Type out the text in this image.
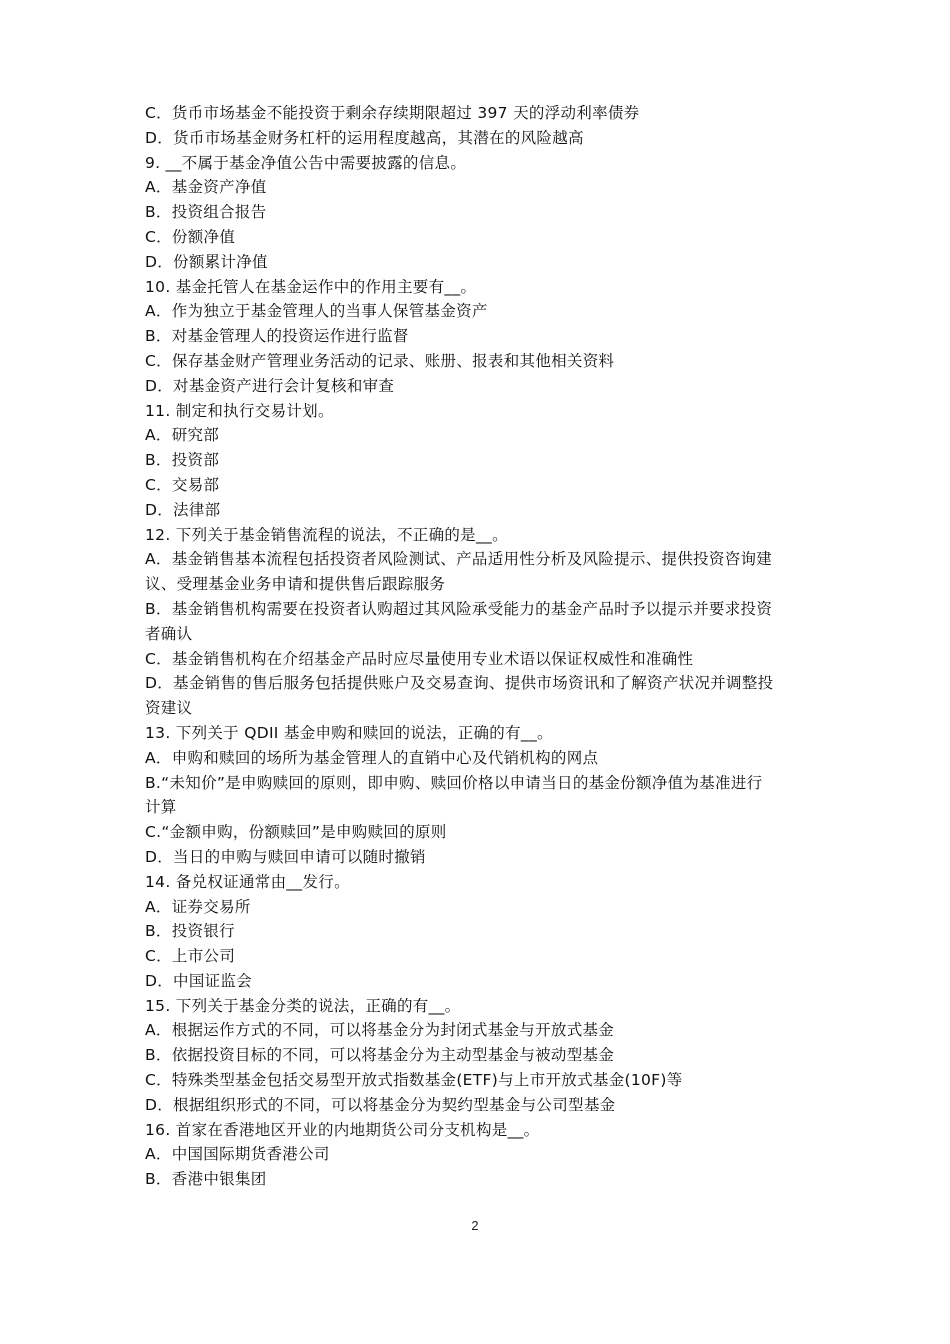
C．货币市场基金不能投资于剩余存续期限超过 397 天的浮动利率债券
D．货币市场基金财务杠杆的运用程度越高，其潜在的风险越高
9. __不属于基金净值公告中需要披露的信息。
A．基金资产净值
B．投资组合报告
C．份额净值
D．份额累计净值
10. 基金托管人在基金运作中的作用主要有__。
A．作为独立于基金管理人的当事人保管基金资产
B．对基金管理人的投资运作进行监督
C．保存基金财产管理业务活动的记录、账册、报表和其他相关资料
D．对基金资产进行会计复核和审查
11. 制定和执行交易计划。
A．研究部
B．投资部
C．交易部
D．法律部
12. 下列关于基金销售流程的说法，不正确的是__。
A．基金销售基本流程包括投资者风险测试、产品适用性分析及风险提示、提供投资咨询建
议、受理基金业务申请和提供售后跟踪服务
B．基金销售机构需要在投资者认购超过其风险承受能力的基金产品时予以提示并要求投资
者确认
C．基金销售机构在介绍基金产品时应尽量使用专业术语以保证权威性和准确性
D．基金销售的售后服务包括提供账户及交易查询、提供市场资讯和了解资产状况并调整投
资建议
13. 下列关于 QDII 基金申购和赎回的说法，正确的有__。
A．申购和赎回的场所为基金管理人的直销中心及代销机构的网点
B.“未知价”是申购赎回的原则，即申购、赎回价格以申请当日的基金份额净值为基准进行
计算
C.“金额申购，份额赎回”是申购赎回的原则
D．当日的申购与赎回申请可以随时撤销
14. 备兑权证通常由__发行。
A．证券交易所
B．投资银行
C．上市公司
D．中国证监会
15. 下列关于基金分类的说法，正确的有__。
A．根据运作方式的不同，可以将基金分为封闭式基金与开放式基金
B．依据投资目标的不同，可以将基金分为主动型基金与被动型基金
C．特殊类型基金包括交易型开放式指数基金(ETF)与上市开放式基金(10F)等
D．根据组织形式的不同，可以将基金分为契约型基金与公司型基金
16. 首家在香港地区开业的内地期货公司分支机构是__。
A．中国国际期货香港公司
B．香港中银集团
2
